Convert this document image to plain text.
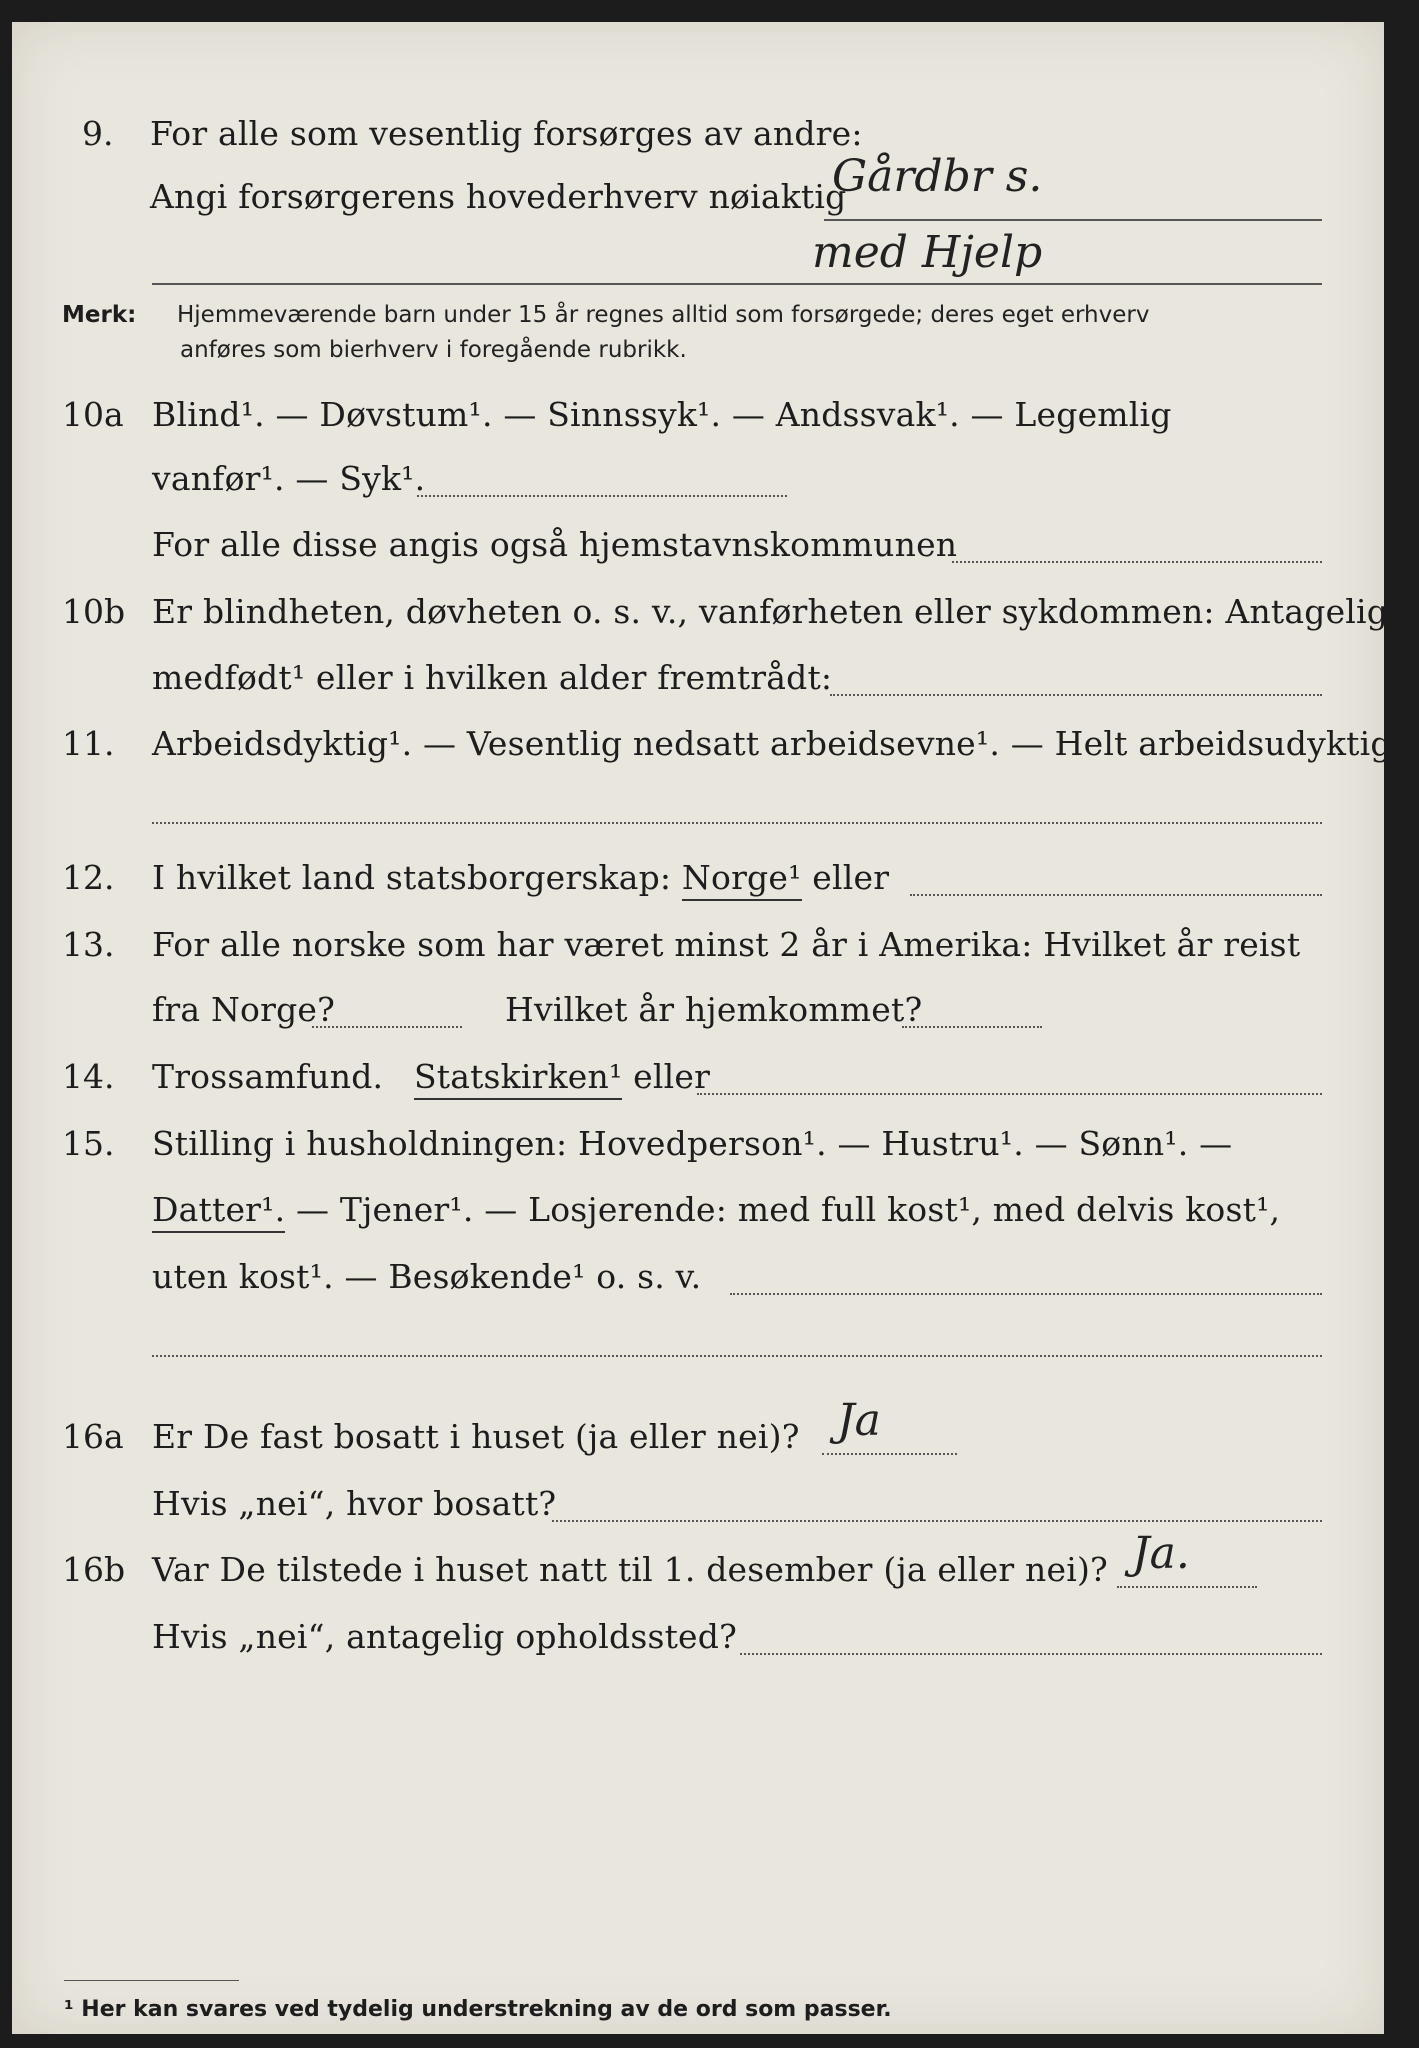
9. For alle som vesentlig forsørges av andre:
Angi forsørgerens hovederhverv nøiaktig
Gårdbr s.
med Hjelp
Merk: Hjemmeværende barn under 15 år regnes alltid som forsørgede; deres eget erhverv
anføres som bierhverv i foregående rubrikk.
10a Blind¹. — Døvstum¹. — Sinnssyk¹. — Andssvak¹. — Legemlig
vanfør¹. — Syk¹.
For alle disse angis også hjemstavnskommunen
10b Er blindheten, døvheten o. s. v., vanførheten eller sykdommen: Antagelig
medfødt¹ eller i hvilken alder fremtrådt:
11. Arbeidsdyktig¹. — Vesentlig nedsatt arbeidsevne¹. — Helt arbeidsudyktig¹.
12. I hvilket land statsborgerskap: Norge¹ eller
13. For alle norske som har været minst 2 år i Amerika: Hvilket år reist
fra Norge?	Hvilket år hjemkommet?
14. Trossamfund. Statskirken¹ eller
15. Stilling i husholdningen: Hovedperson¹. — Hustru¹. — Sønn¹. —
Datter¹. — Tjener¹. — Losjerende: med full kost¹, med delvis kost¹,
uten kost¹. — Besøkende¹ o. s. v.
16a Er De fast bosatt i huset (ja eller nei)? Ja
Hvis „nei“, hvor bosatt?
16b Var De tilstede i huset natt til 1. desember (ja eller nei)? Ja.
Hvis „nei“, antagelig opholdssted?
¹ Her kan svares ved tydelig understrekning av de ord som passer.
